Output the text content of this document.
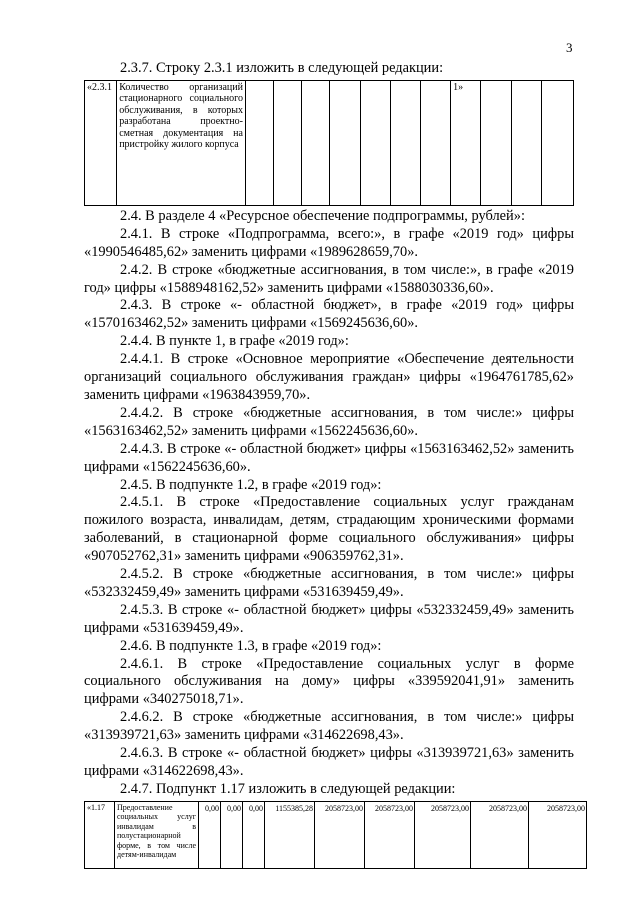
3

2.3.7. Строку 2.3.1 изложить в следующей редакции:

«2.3.1	Количество организаций стационарного социального обслуживания, в которых разработана проектно-сметная документация на пристройку жилого корпуса								1»			

2.4. В разделе 4 «Ресурсное обеспечение подпрограммы, рублей»:

2.4.1. В строке «Подпрограмма, всего:», в графе «2019 год» цифры «1990546485,62» заменить цифрами «1989628659,70».

2.4.2. В строке «бюджетные ассигнования, в том числе:», в графе «2019 год» цифры «1588948162,52» заменить цифрами «1588030336,60».

2.4.3. В строке «- областной бюджет», в графе «2019 год» цифры «1570163462,52» заменить цифрами «1569245636,60».

2.4.4. В пункте 1, в графе «2019 год»:

2.4.4.1. В строке «Основное мероприятие «Обеспечение деятельности организаций социального обслуживания граждан» цифры «1964761785,62» заменить цифрами «1963843959,70».

2.4.4.2. В строке «бюджетные ассигнования, в том числе:» цифры «1563163462,52» заменить цифрами «1562245636,60».

2.4.4.3. В строке «- областной бюджет» цифры «1563163462,52» заменить цифрами «1562245636,60».

2.4.5. В подпункте 1.2, в графе «2019 год»:

2.4.5.1. В строке «Предоставление социальных услуг гражданам пожилого возраста, инвалидам, детям, страдающим хроническими формами заболеваний, в стационарной форме социального обслуживания» цифры «907052762,31» заменить цифрами «906359762,31».

2.4.5.2. В строке «бюджетные ассигнования, в том числе:» цифры «532332459,49» заменить цифрами «531639459,49».

2.4.5.3. В строке «- областной бюджет» цифры «532332459,49» заменить цифрами «531639459,49».

2.4.6. В подпункте 1.3, в графе «2019 год»:

2.4.6.1. В строке «Предоставление социальных услуг в форме социального обслуживания на дому» цифры «339592041,91» заменить цифрами «340275018,71».

2.4.6.2. В строке «бюджетные ассигнования, в том числе:» цифры «313939721,63» заменить цифрами «314622698,43».

2.4.6.3. В строке «- областной бюджет» цифры «313939721,63» заменить цифрами «314622698,43».

2.4.7. Подпункт 1.17 изложить в следующей редакции:

«1.17	Предоставление социальных услуг инвалидам в полустационарной форме, в том числе детям-инвалидам	0,00	0,00	0,00	1155385,28	2058723,00	2058723,00	2058723,00	2058723,00	2058723,00
